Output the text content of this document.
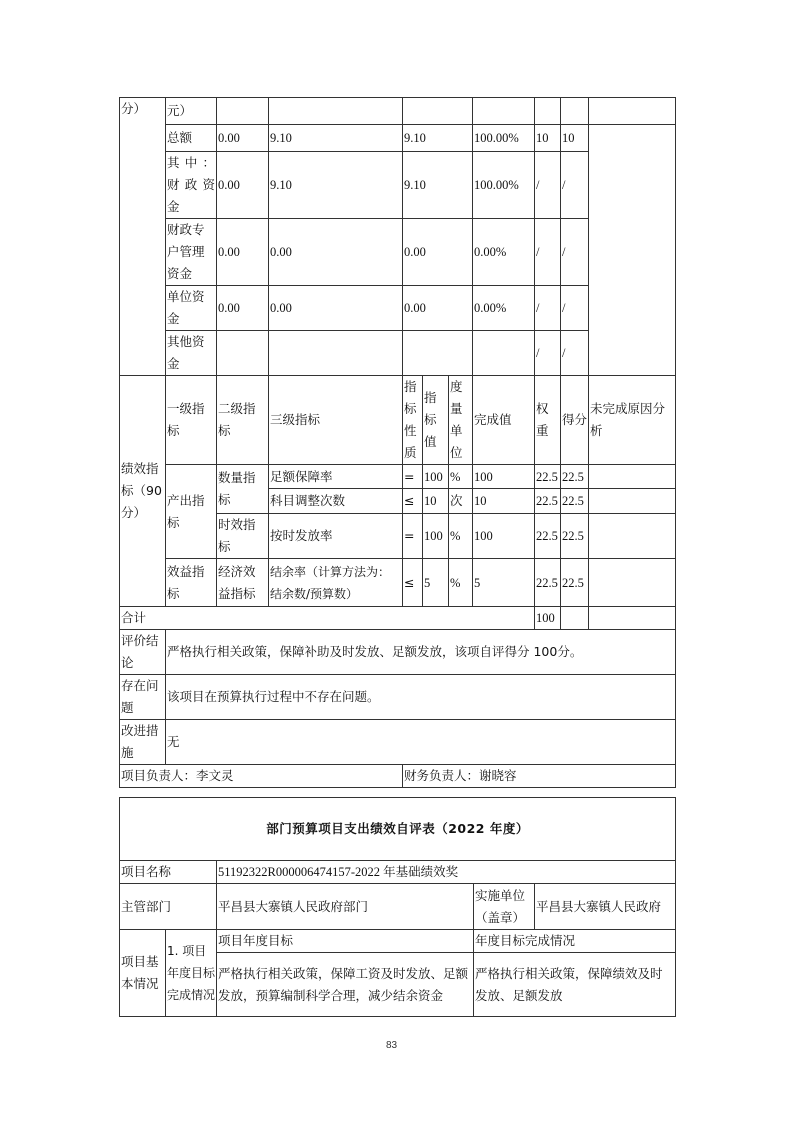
分）	元）									
	总额	0.00	9.10	9.10			100.00%	10	10	
	其中：财政资金	0.00	9.10	9.10			100.00%	/	/	
	财政专户管理资金	0.00	0.00	0.00			0.00%	/	/	
	单位资金	0.00	0.00	0.00			0.00%	/	/	
	其他资金							/	/	
绩效指标（90分）	一级指标	二级指标	三级指标	指标性质	指标值	度量单位	完成值	权重	得分	未完成原因分析
	产出指标	数量指标	足额保障率	=	100	%	100	22.5	22.5	
			科目调整次数	≤	10	次	10	22.5	22.5	
		时效指标	按时发放率	=	100	%	100	22.5	22.5	
	效益指标	经济效益指标	结余率（计算方法为：结余数/预算数）	≤	5	%	5	22.5	22.5	
合计								100		
评价结论	严格执行相关政策，保障补助及时发放、足额发放，该项自评得分 100分。									
存在问题	该项目在预算执行过程中不存在问题。									
改进措施	无									
项目负责人：李文灵				财务负责人：谢晓容						
部门预算项目支出绩效自评表（2022 年度）				
项目名称		51192322R000006474157-2022 年基础绩效奖		
主管部门		平昌县大寨镇人民政府部门	实施单位（盖章）	平昌县大寨镇人民政府
项目基本情况	1. 项目年度目标完成情况	项目年度目标	年度目标完成情况	
		严格执行相关政策，保障工资及时发放、足额发放，预算编制科学合理，减少结余资金	严格执行相关政策，保障绩效及时发放、足额发放	
83
